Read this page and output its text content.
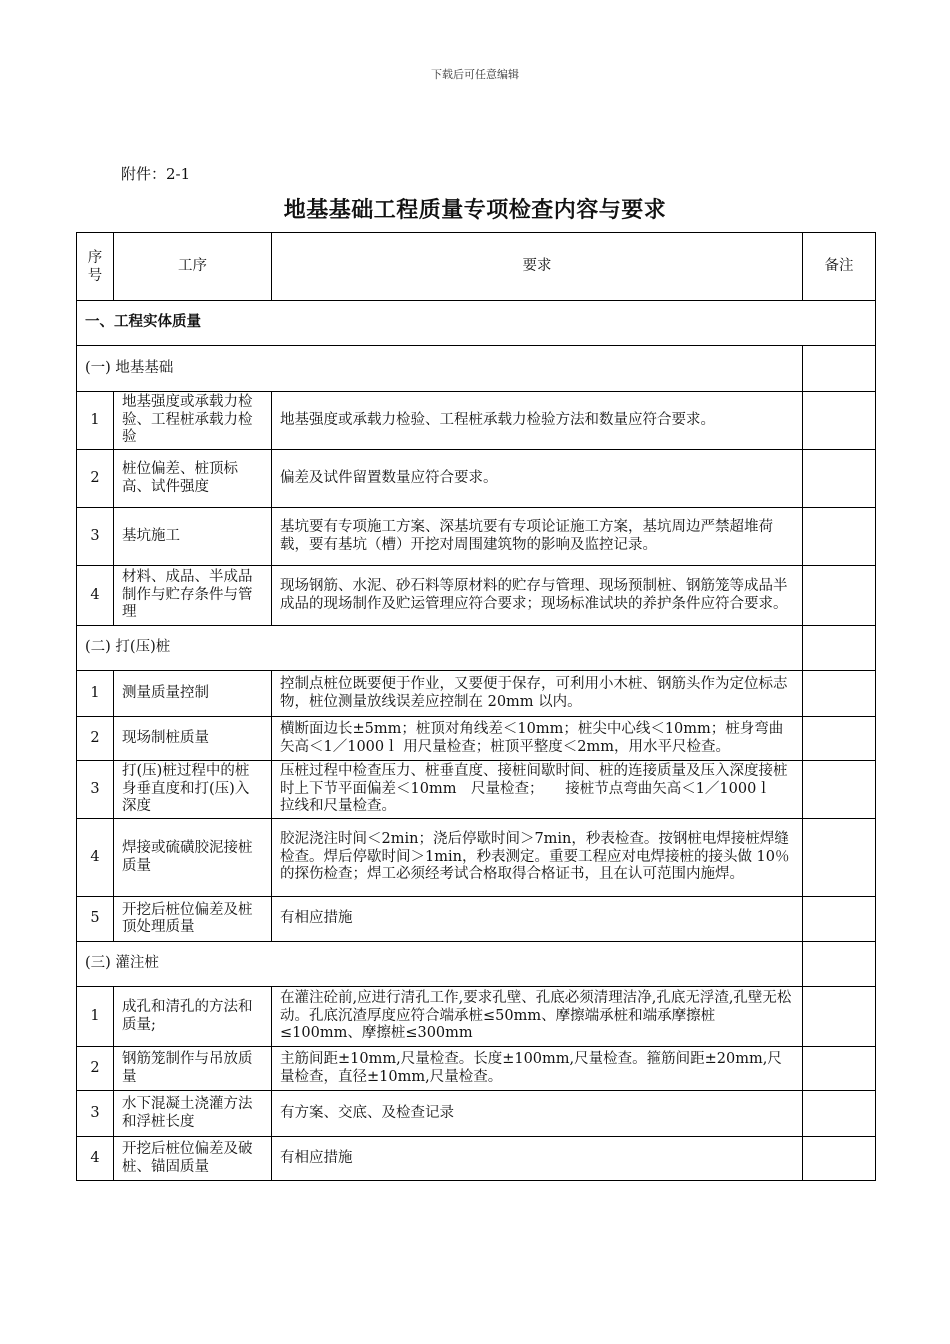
下载后可任意编辑
附件：2-1
地基基础工程质量专项检查内容与要求
序号	工序	要求	备注
一、工程实体质量			
(一) 地基基础			
1	地基强度或承载力检验、工程桩承载力检验	地基强度或承载力检验、工程桩承载力检验方法和数量应符合要求。	
2	桩位偏差、桩顶标高、试件强度	偏差及试件留置数量应符合要求。	
3	基坑施工	基坑要有专项施工方案、深基坑要有专项论证施工方案，基坑周边严禁超堆荷载，要有基坑（槽）开挖对周围建筑物的影响及监控记录。	
4	材料、成品、半成品制作与贮存条件与管理	现场钢筋、水泥、砂石料等原材料的贮存与管理、现场预制桩、钢筋笼等成品半成品的现场制作及贮运管理应符合要求；现场标准试块的养护条件应符合要求。	
(二) 打(压)桩			
1	测量质量控制	控制点桩位既要便于作业，又要便于保存，可利用小木桩、钢筋头作为定位标志物，桩位测量放线误差应控制在 20mm 以内。	
2	现场制桩质量	横断面边长±5mm；桩顶对角线差＜10mm；桩尖中心线＜10mm；桩身弯曲矢高＜1／1000ｌ 用尺量检查；桩顶平整度＜2mm，用水平尺检查。	
3	打(压)桩过程中的桩身垂直度和打(压)入深度	压桩过程中检查压力、桩垂直度、接桩间歇时间、桩的连接质量及压入深度接桩时上下节平面偏差＜10mm　尺量检查；　　接桩节点弯曲矢高＜1／1000ｌ　拉线和尺量检查。	
4	焊接或硫磺胶泥接桩质量	胶泥浇注时间＜2min；浇后停歇时间＞7min，秒表检查。按钢桩电焊接桩焊缝检查。焊后停歇时间＞1min，秒表测定。重要工程应对电焊接桩的接头做 10％的探伤检查；焊工必须经考试合格取得合格证书，且在认可范围内施焊。	
5	开挖后桩位偏差及桩顶处理质量	有相应措施	
(三) 灌注桩			
1	成孔和清孔的方法和质量;	在灌注砼前,应进行清孔工作,要求孔壁、孔底必须清理洁净,孔底无浮渣,孔壁无松动。孔底沉渣厚度应符合端承桩≤50mm、摩擦端承桩和端承摩擦桩≤100mm、摩擦桩≤300mm	
2	钢筋笼制作与吊放质量	主筋间距±10mm,尺量检查。长度±100mm,尺量检查。箍筋间距±20mm,尺量检查，直径±10mm,尺量检查。	
3	水下混凝土浇灌方法和浮桩长度	有方案、交底、及检查记录	
4	开挖后桩位偏差及破桩、锚固质量	有相应措施	
